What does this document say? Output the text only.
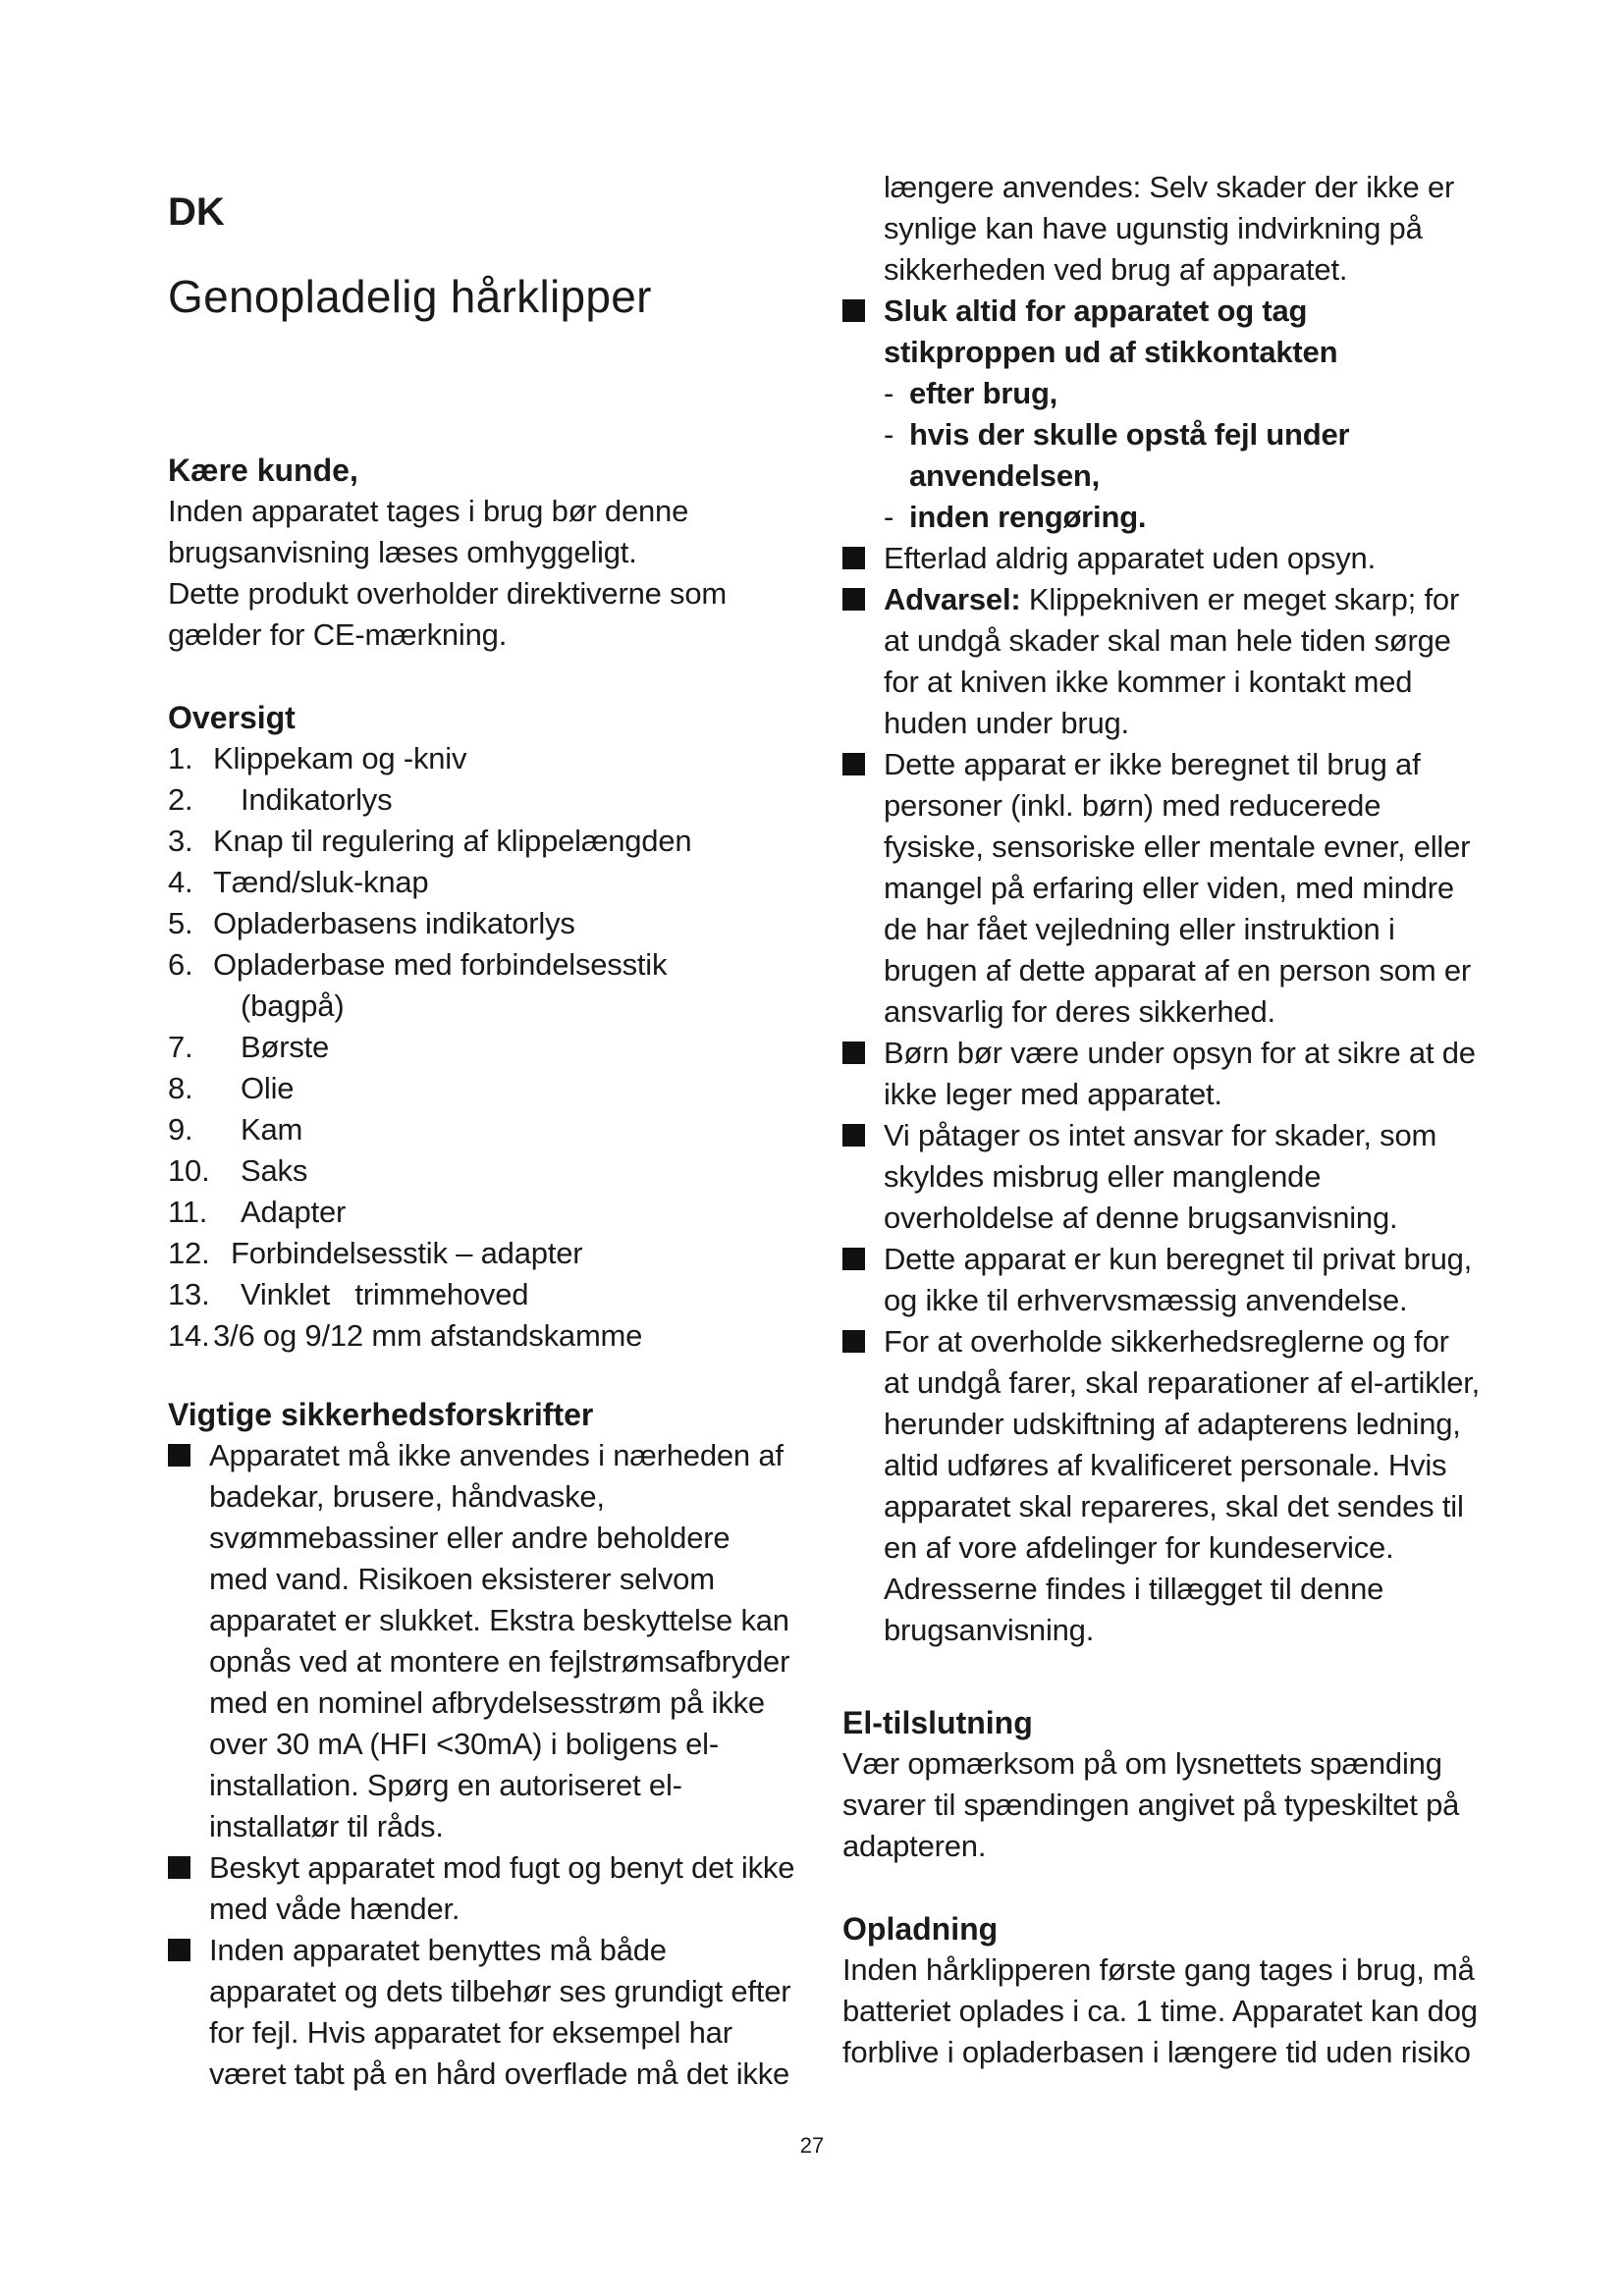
DK
Genopladelig hårklipper
Kære kunde,

Inden apparatet tages i brug bør denne brugsanvisning læses omhyggeligt.

Dette produkt overholder direktiverne som gælder for CE-mærkning.

Oversigt
1. Klippekam og -kniv
2.	Indikatorlys
3. Knap til regulering af klippelængden
4. Tænd/sluk-knap
5. Opladerbasens indikatorlys
6. Opladerbase med forbindelsesstik
(bagpå)
7.	Børste
8.	Olie
9.	Kam
10.	Saks
11.	Adapter
12. Forbindelsesstik – adapter
13.	Vinklet   trimmehoved
14. 3/6 og 9/12 mm afstandskamme
Vigtige sikkerhedsforskrifter
Apparatet må ikke anvendes i nærheden af badekar, brusere, håndvaske, svømmebassiner eller andre beholdere med vand. Risikoen eksisterer selvom apparatet er slukket. Ekstra beskyttelse kan opnås ved at montere en fejlstrømsafbryder med en nominel afbrydelsesstrøm på ikke over 30 mA (HFI <30mA) i boligens el-installation. Spørg en autoriseret el-installatør til råds.
Beskyt apparatet mod fugt og benyt det ikke med våde hænder.
Inden apparatet benyttes må både apparatet og dets tilbehør ses grundigt efter for fejl. Hvis apparatet for eksempel har været tabt på en hård overflade må det ikke

længere anvendes: Selv skader der ikke er synlige kan have ugunstig indvirkning på sikkerheden ved brug af apparatet.

Sluk altid for apparatet og tag stikproppen ud af stikkontakten
- efter brug,
- hvis der skulle opstå fejl under anvendelsen,
- inden rengøring.
Efterlad aldrig apparatet uden opsyn.
Advarsel: Klippekniven er meget skarp; for at undgå skader skal man hele tiden sørge for at kniven ikke kommer i kontakt med huden under brug.
Dette apparat er ikke beregnet til brug af personer (inkl. børn) med reducerede fysiske, sensoriske eller mentale evner, eller mangel på erfaring eller viden, med mindre de har fået vejledning eller instruktion i brugen af dette apparat af en person som er ansvarlig for deres sikkerhed.
Børn bør være under opsyn for at sikre at de ikke leger med apparatet.
Vi påtager os intet ansvar for skader, som skyldes misbrug eller manglende overholdelse af denne brugsanvisning.
Dette apparat er kun beregnet til privat brug, og ikke til erhvervsmæssig anvendelse.
For at overholde sikkerhedsreglerne og for at undgå farer, skal reparationer af el-artikler, herunder udskiftning af adapterens ledning, altid udføres af kvalificeret personale. Hvis apparatet skal repareres, skal det sendes til en af vore afdelinger for kundeservice. Adresserne findes i tillægget til denne brugsanvisning.
El-tilslutning

Vær opmærksom på om lysnettets spænding svarer til spændingen angivet på typeskiltet på adapteren.

Opladning

Inden hårklipperen første gang tages i brug, må batteriet oplades i ca. 1 time. Apparatet kan dog forblive i opladerbasen i længere tid uden risiko

27
